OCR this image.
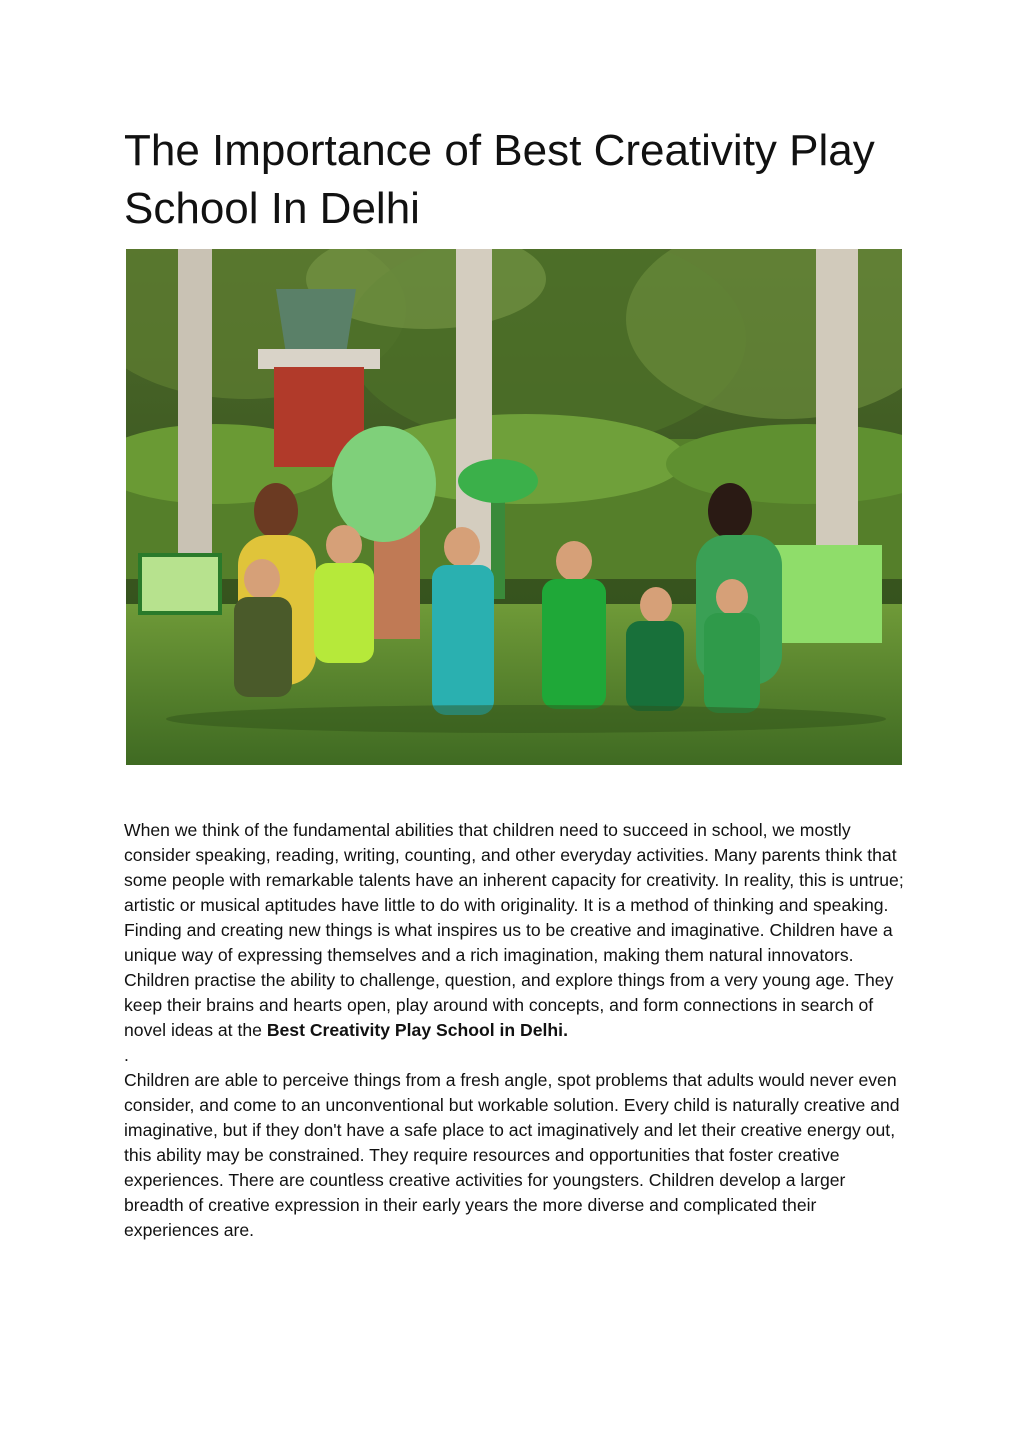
The Importance of Best Creativity Play School In Delhi

When we think of the fundamental abilities that children need to succeed in school, we mostly consider speaking, reading, writing, counting, and other everyday activities. Many parents think that some people with remarkable talents have an inherent capacity for creativity. In reality, this is untrue; artistic or musical aptitudes have little to do with originality. It is a method of thinking and speaking. Finding and creating new things is what inspires us to be creative and imaginative. Children have a unique way of expressing themselves and a rich imagination, making them natural innovators. Children practise the ability to challenge, question, and explore things from a very young age. They keep their brains and hearts open, play around with concepts, and form connections in search of novel ideas at the Best Creativity Play School in Delhi.

.

Children are able to perceive things from a fresh angle, spot problems that adults would never even consider, and come to an unconventional but workable solution. Every child is naturally creative and imaginative, but if they don't have a safe place to act imaginatively and let their creative energy out, this ability may be constrained. They require resources and opportunities that foster creative experiences. There are countless creative activities for youngsters. Children develop a larger breadth of creative expression in their early years the more diverse and complicated their experiences are.
